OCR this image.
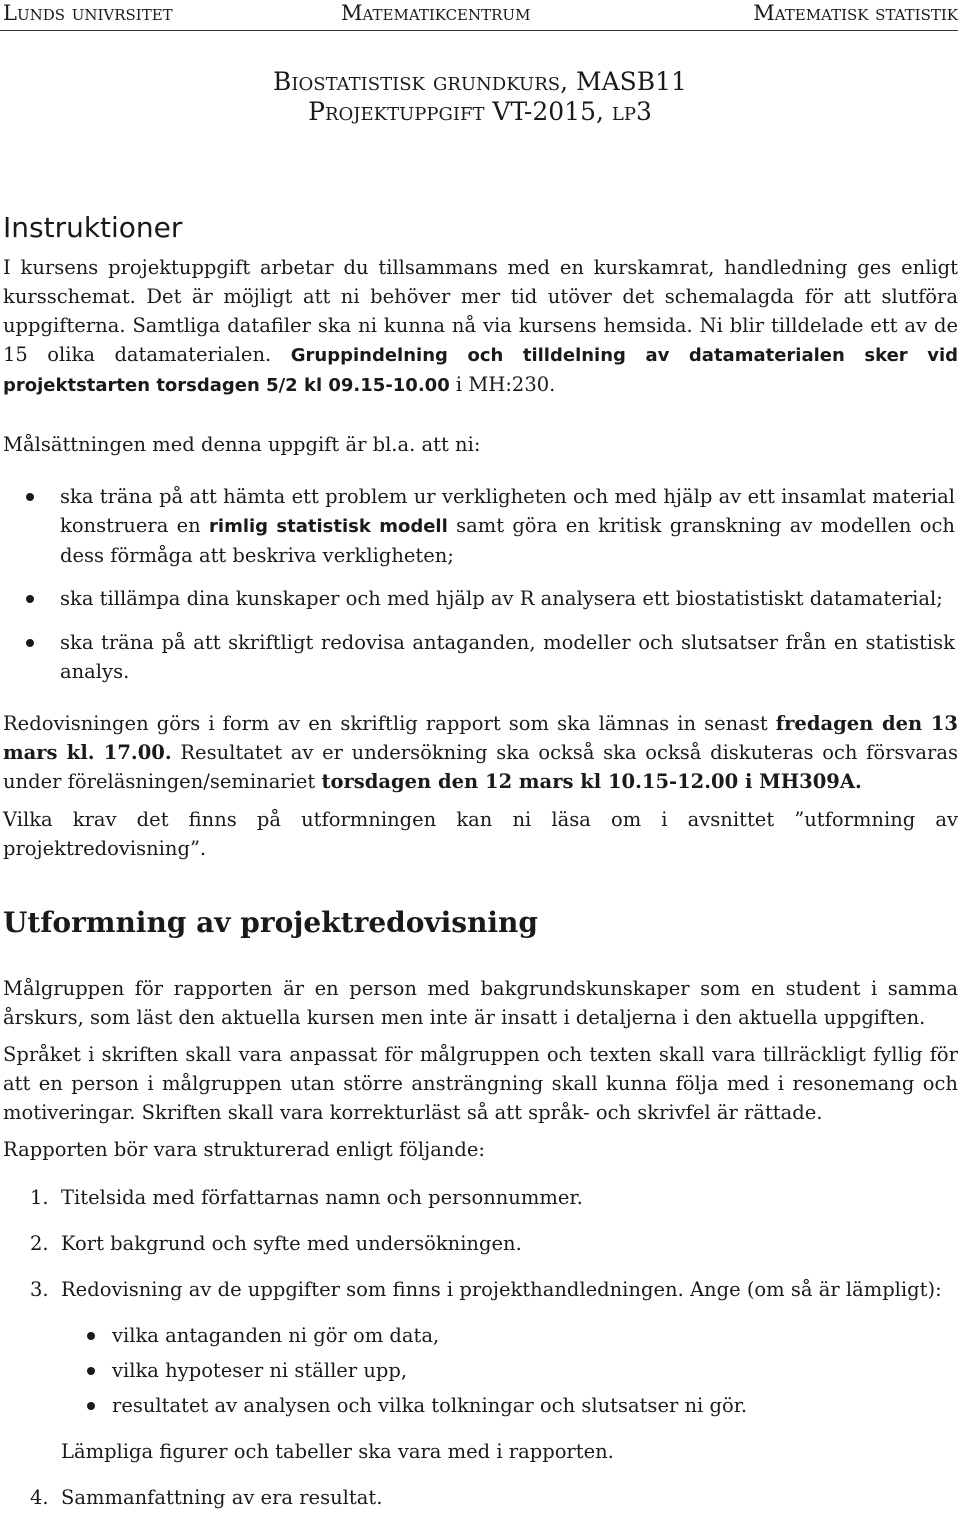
Lunds univrsitet	Matematikcentrum	Matematisk statistik
Biostatistisk grundkurs, MASB11
Projektuppgift VT-2015, lp3
Instruktioner

I kursens projektuppgift arbetar du tillsammans med en kurskamrat, handledning ges enligt kursschemat. Det är möjligt att ni behöver mer tid utöver det schemalagda för att slutföra uppgifterna. Samtliga datafiler ska ni kunna nå via kursens hemsida. Ni blir tilldelade ett av de 15 olika datamaterialen. Gruppindelning och tilldelning av datamaterialen sker vid projektstarten torsdagen 5/2 kl 09.15-10.00 i MH:230.

Målsättningen med denna uppgift är bl.a. att ni:

ska träna på att hämta ett problem ur verkligheten och med hjälp av ett insamlat material konstruera en rimlig statistisk modell samt göra en kritisk granskning av modellen och dess förmåga att beskriva verkligheten;
ska tillämpa dina kunskaper och med hjälp av R analysera ett biostatistiskt datamaterial;
ska träna på att skriftligt redovisa antaganden, modeller och slutsatser från en statistisk analys.

Redovisningen görs i form av en skriftlig rapport som ska lämnas in senast fredagen den 13 mars kl. 17.00. Resultatet av er undersökning ska också ska också diskuteras och försvaras under föreläsningen/seminariet torsdagen den 12 mars kl 10.15-12.00 i MH309A.

Vilka krav det finns på utformningen kan ni läsa om i avsnittet ”utformning av projektredovisning”.

Utformning av projektredovisning

Målgruppen för rapporten är en person med bakgrundskunskaper som en student i samma årskurs, som läst den aktuella kursen men inte är insatt i detaljerna i den aktuella uppgiften.

Språket i skriften skall vara anpassat för målgruppen och texten skall vara tillräckligt fyllig för att en person i målgruppen utan större ansträngning skall kunna följa med i resonemang och motiveringar. Skriften skall vara korrekturläst så att språk- och skrivfel är rättade.

Rapporten bör vara strukturerad enligt följande:

1. Titelsida med författarnas namn och personnummer.
2. Kort bakgrund och syfte med undersökningen.
3. Redovisning av de uppgifter som finns i projekthandledningen. Ange (om så är lämpligt):
vilka antaganden ni gör om data,
vilka hypoteser ni ställer upp,
resultatet av analysen och vilka tolkningar och slutsatser ni gör.
Lämpliga figurer och tabeller ska vara med i rapporten.
4. Sammanfattning av era resultat.
